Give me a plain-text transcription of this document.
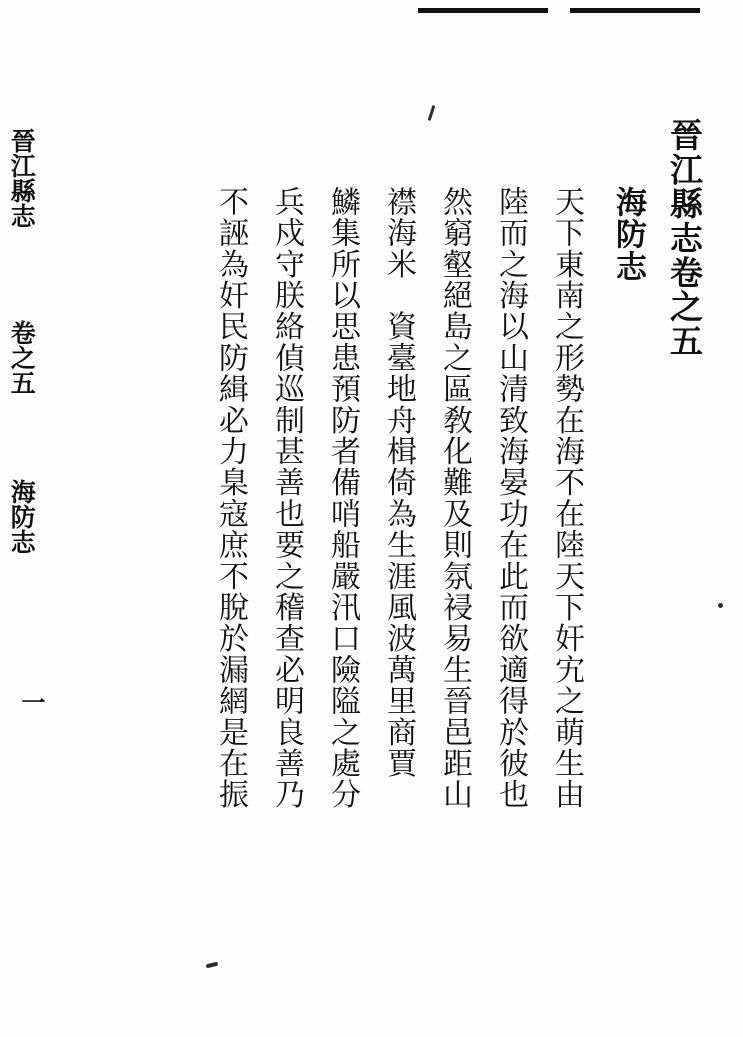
晉江縣志卷之五
海防志
天下東南之形勢在海不在陸天下奸宄之萌生由
陸而之海以山清致海晏功在此而欲適得於彼也
然窮壑絕島之區敎化難及則氛祲易生晉邑距山
襟海米　資臺地舟楫倚為生涯風波萬里商賈
鱗集所以思患預防者備哨船嚴汛口險隘之處分
兵戍守朕絡偵巡制甚善也要之稽查必明良善乃
不誣為奸民防緝必力臬寇庶不脫於漏網是在振
晉江縣志  卷之五  海防志
一
